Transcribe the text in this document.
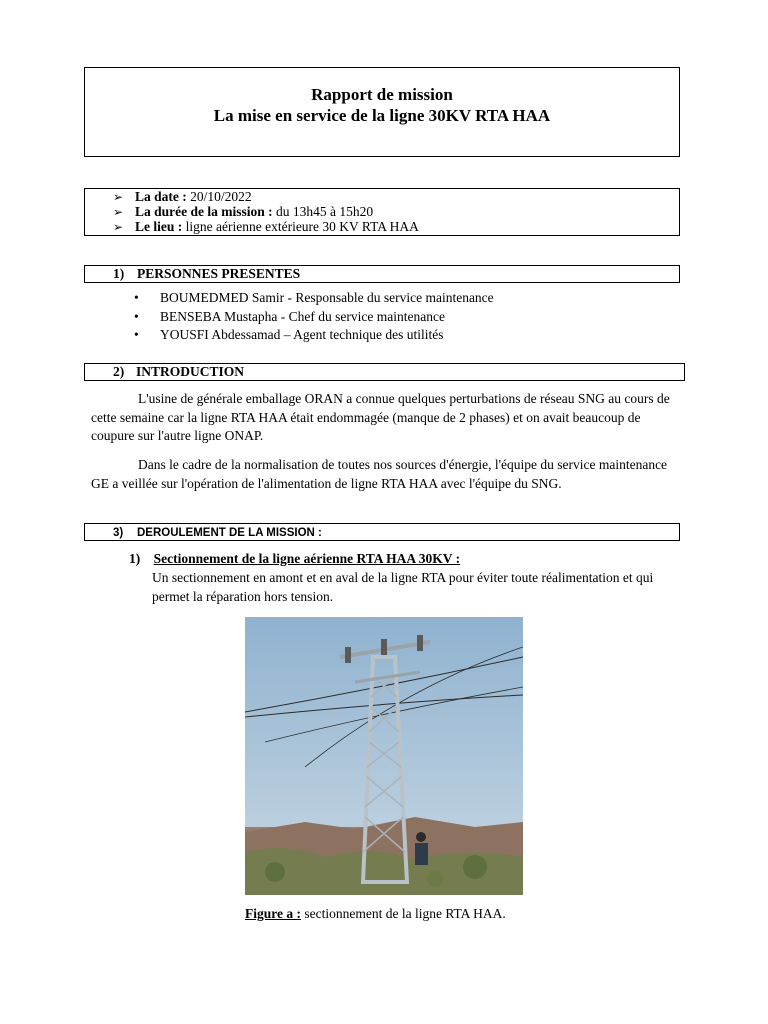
Rapport de mission
La mise en service de la ligne 30KV RTA HAA
➢ La date : 20/10/2022
➢ La durée de la mission : du 13h45 à 15h20
➢ Le lieu : ligne aérienne extérieure 30 KV RTA HAA
1) PERSONNES PRESENTES
• BOUMEDMED Samir - Responsable du service maintenance
• BENSEBA Mustapha - Chef du service maintenance
• YOUSFI Abdessamad – Agent technique des utilités
2) INTRODUCTION
L'usine de générale emballage ORAN a connue quelques perturbations de réseau SNG au cours de cette semaine car la ligne RTA HAA était endommagée (manque de 2 phases) et on avait beaucoup de coupure sur l'autre ligne ONAP.
Dans le cadre de la normalisation de toutes nos sources d'énergie, l'équipe du service maintenance GE a veillée sur l'opération de l'alimentation de ligne RTA HAA avec l'équipe du SNG.
3) DEROULEMENT DE LA MISSION :
1) Sectionnement de la ligne aérienne RTA HAA 30KV :
Un sectionnement en amont et en aval de la ligne RTA pour éviter toute réalimentation et qui permet la réparation hors tension.
Figure a : sectionnement de la ligne RTA HAA.
